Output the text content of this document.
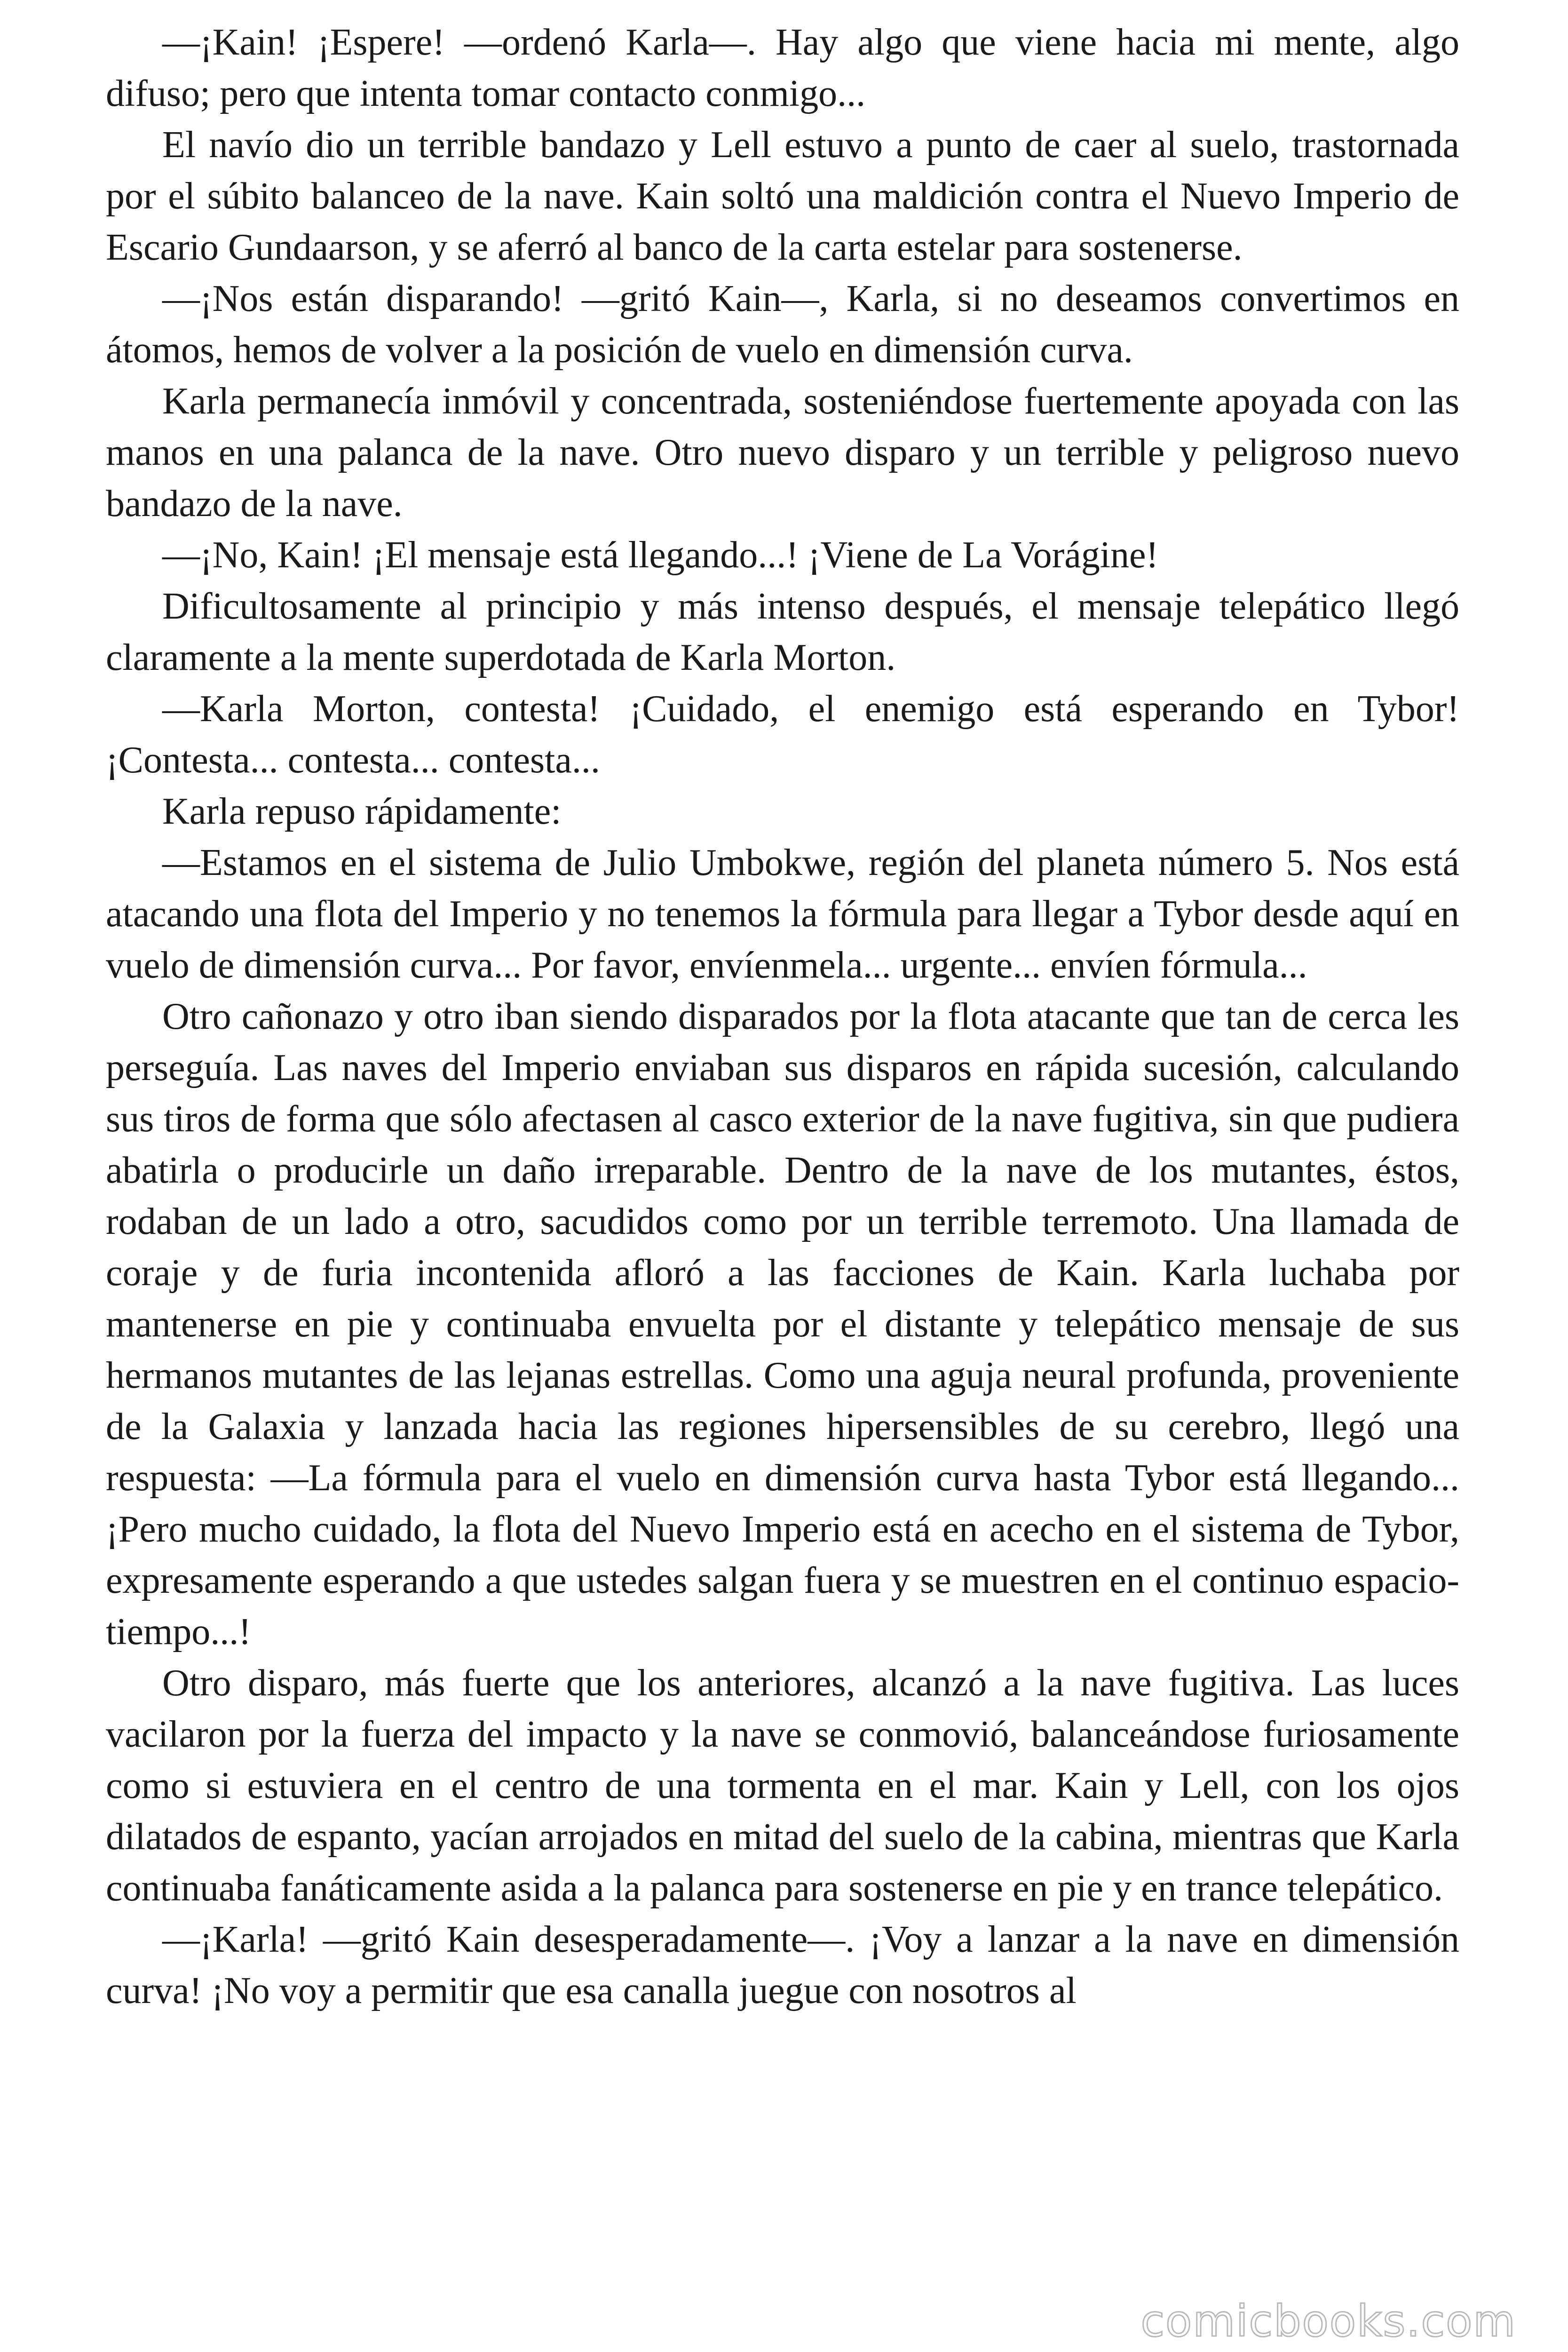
—¡Kain! ¡Espere! —ordenó Karla—. Hay algo que viene hacia mi mente, algo difuso; pero que intenta tomar contacto conmigo...

El navío dio un terrible bandazo y Lell estuvo a punto de caer al suelo, trastornada por el súbito balanceo de la nave. Kain soltó una maldición contra el Nuevo Imperio de Escario Gundaarson, y se aferró al banco de la carta estelar para sostenerse.

—¡Nos están disparando! —gritó Kain—, Karla, si no deseamos convertimos en átomos, hemos de volver a la posición de vuelo en dimensión curva.

Karla permanecía inmóvil y concentrada, sosteniéndose fuertemente apoyada con las manos en una palanca de la nave. Otro nuevo disparo y un terrible y peligroso nuevo bandazo de la nave.

—¡No, Kain! ¡El mensaje está llegando...! ¡Viene de La Vorágine!

Dificultosamente al principio y más intenso después, el mensaje telepático llegó claramente a la mente superdotada de Karla Morton.

—Karla Morton, contesta! ¡Cuidado, el enemigo está esperando en Tybor! ¡Contesta... contesta... contesta...

Karla repuso rápidamente:

—Estamos en el sistema de Julio Umbokwe, región del planeta número 5. Nos está atacando una flota del Imperio y no tenemos la fórmula para llegar a Tybor desde aquí en vuelo de dimensión curva... Por favor, envíenmela... urgente... envíen fórmula...

Otro cañonazo y otro iban siendo disparados por la flota atacante que tan de cerca les perseguía. Las naves del Imperio enviaban sus disparos en rápida sucesión, calculando sus tiros de forma que sólo afectasen al casco exterior de la nave fugitiva, sin que pudiera abatirla o producirle un daño irreparable. Dentro de la nave de los mutantes, éstos, rodaban de un lado a otro, sacudidos como por un terrible terremoto. Una llamada de coraje y de furia incontenida afloró a las facciones de Kain. Karla luchaba por mantenerse en pie y continuaba envuelta por el distante y telepático mensaje de sus hermanos mutantes de las lejanas estrellas. Como una aguja neural profunda, proveniente de la Galaxia y lanzada hacia las regiones hipersensibles de su cerebro, llegó una respuesta: —La fórmula para el vuelo en dimensión curva hasta Tybor está llegando... ¡Pero mucho cuidado, la flota del Nuevo Imperio está en acecho en el sistema de Tybor, expresamente esperando a que ustedes salgan fuera y se muestren en el continuo espacio-tiempo...!

Otro disparo, más fuerte que los anteriores, alcanzó a la nave fugitiva. Las luces vacilaron por la fuerza del impacto y la nave se conmovió, balanceándose furiosamente como si estuviera en el centro de una tormenta en el mar. Kain y Lell, con los ojos dilatados de espanto, yacían arrojados en mitad del suelo de la cabina, mientras que Karla continuaba fanáticamente asida a la palanca para sostenerse en pie y en trance telepático.

—¡Karla! —gritó Kain desesperadamente—. ¡Voy a lanzar a la nave en dimensión curva! ¡No voy a permitir que esa canalla juegue con nosotros al

comicbooks.com
